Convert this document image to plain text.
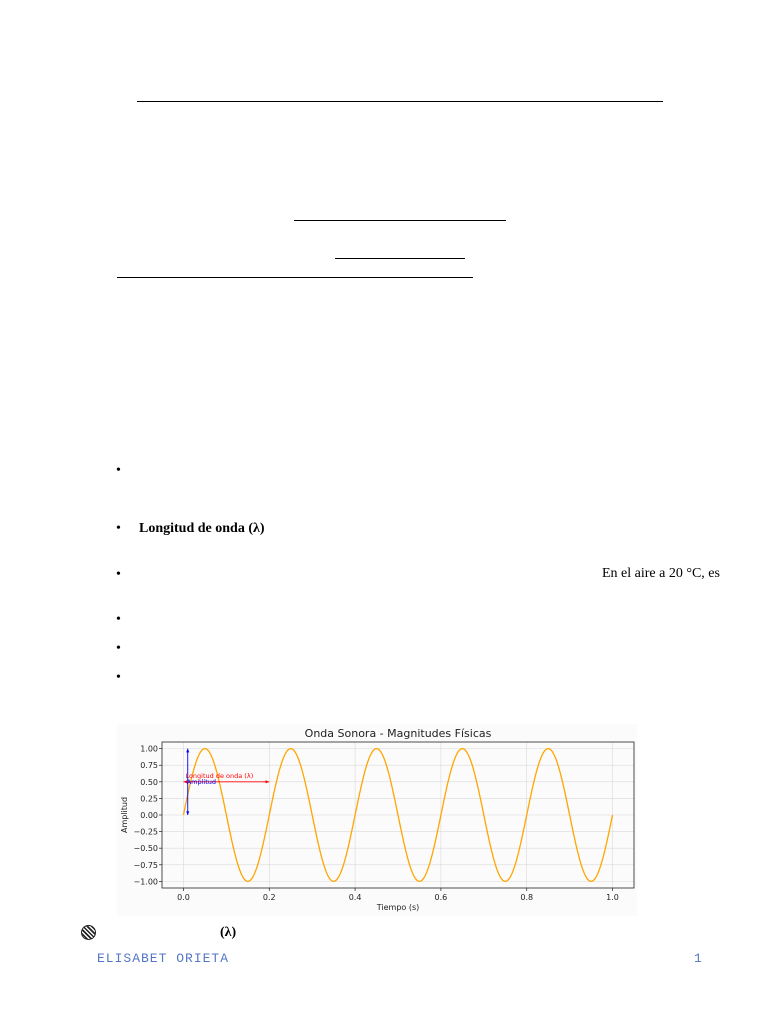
•
• Longitud de onda (λ)
•	En el aire a 20 °C, es
•
•
•
Onda Sonora - Magnitudes Físicas
1.00
0.75
0.50
0.25
0.00
−0.25
−0.50
−0.75
−1.00
0.0	0.2	0.4	0.6	0.8	1.0
Longitud de onda (λ)
Amplitud
Tiempo (s)
Amplitud
(λ)
ELISABET ORIETA	1
